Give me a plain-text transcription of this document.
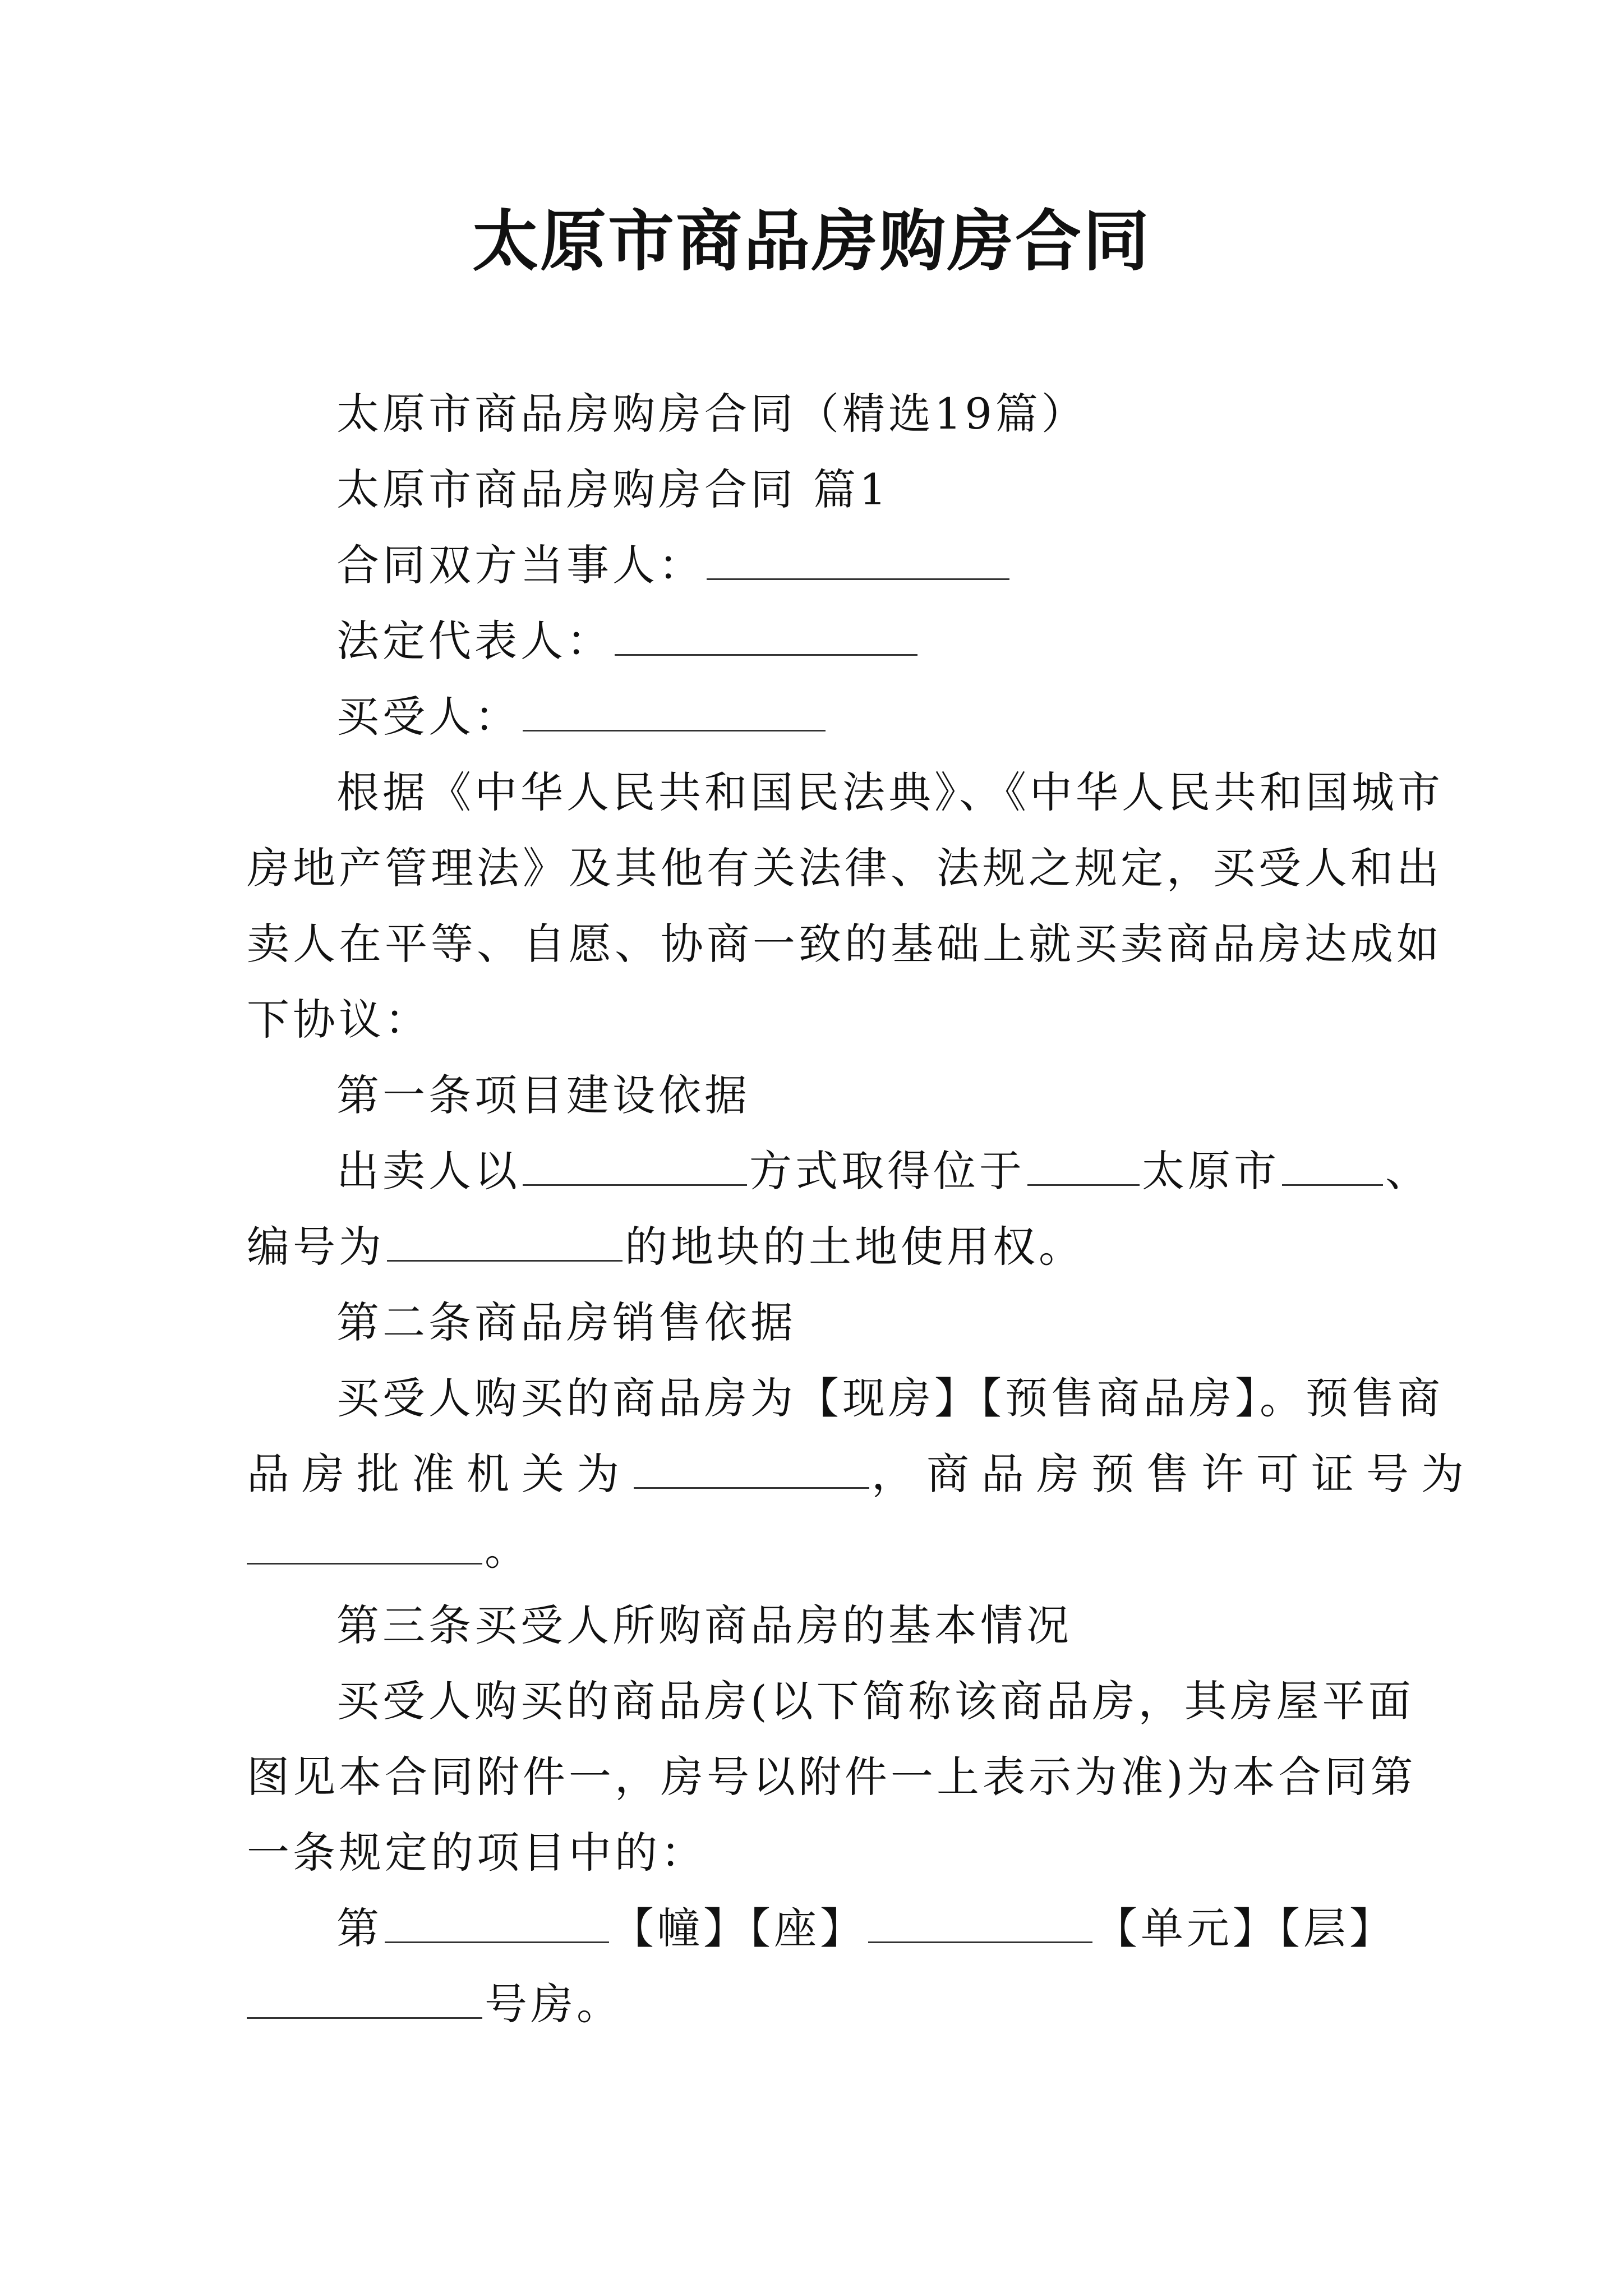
太原市商品房购房合同
太原市商品房购房合同（精选19篇）
太原市商品房购房合同 篇1
合同双方当事人：
法定代表人：
买受人：
根据《中华人民共和国民法典》、《中华人民共和国城市
房地产管理法》及其他有关法律、法规之规定，买受人和出
卖人在平等、自愿、协商一致的基础上就买卖商品房达成如
下协议：
第一条项目建设依据
出卖人以	方式取得位于	太原市 、
编号为	的地块的土地使用权。
第二条商品房销售依据
买受人购买的商品房为【现房】【预售商品房】。预售商
品房批准机关为	，商品房预售许可证号为
。
第三条买受人所购商品房的基本情况
买受人购买的商品房(以下简称该商品房，其房屋平面
图见本合同附件一，房号以附件一上表示为准)为本合同第
一条规定的项目中的：
第	【幢】【座】	【单元】【层】
号房。
